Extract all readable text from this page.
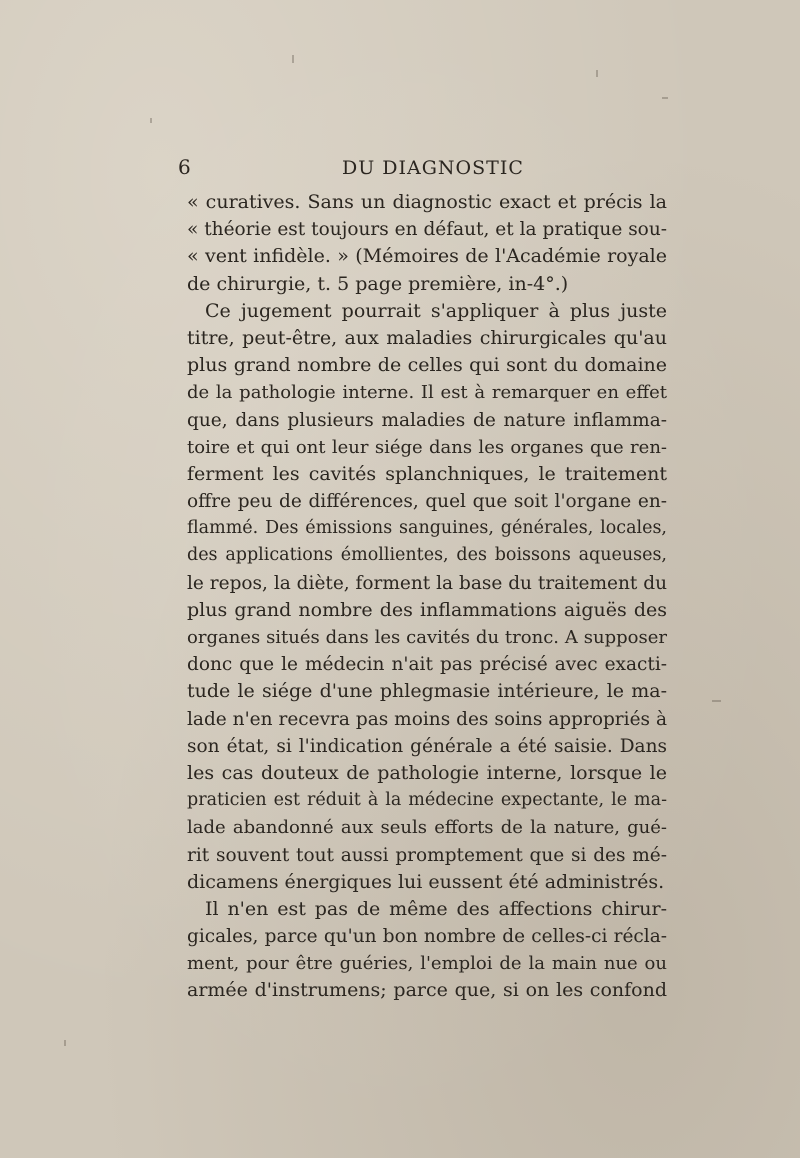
6	DU DIAGNOSTIC
« curatives. Sans un diagnostic exact et précis la
« théorie est toujours en défaut, et la pratique sou-
« vent infidèle. » (Mémoires de l'Académie royale
de chirurgie, t. 5 page première, in-4°.)
Ce jugement pourrait s'appliquer à plus juste
titre, peut-être, aux maladies chirurgicales qu'au
plus grand nombre de celles qui sont du domaine
de la pathologie interne. Il est à remarquer en effet
que, dans plusieurs maladies de nature inflamma-
toire et qui ont leur siége dans les organes que ren-
ferment les cavités splanchniques, le traitement
offre peu de différences, quel que soit l'organe en-
flammé. Des émissions sanguines, générales, locales,
des applications émollientes, des boissons aqueuses,
le repos, la diète, forment la base du traitement du
plus grand nombre des inflammations aiguës des
organes situés dans les cavités du tronc. A supposer
donc que le médecin n'ait pas précisé avec exacti-
tude le siége d'une phlegmasie intérieure, le ma-
lade n'en recevra pas moins des soins appropriés à
son état, si l'indication générale a été saisie. Dans
les cas douteux de pathologie interne, lorsque le
praticien est réduit à la médecine expectante, le ma-
lade abandonné aux seuls efforts de la nature, gué-
rit souvent tout aussi promptement que si des mé-
dicamens énergiques lui eussent été administrés.
Il n'en est pas de même des affections chirur-
gicales, parce qu'un bon nombre de celles-ci récla-
ment, pour être guéries, l'emploi de la main nue ou
armée d'instrumens; parce que, si on les confond
